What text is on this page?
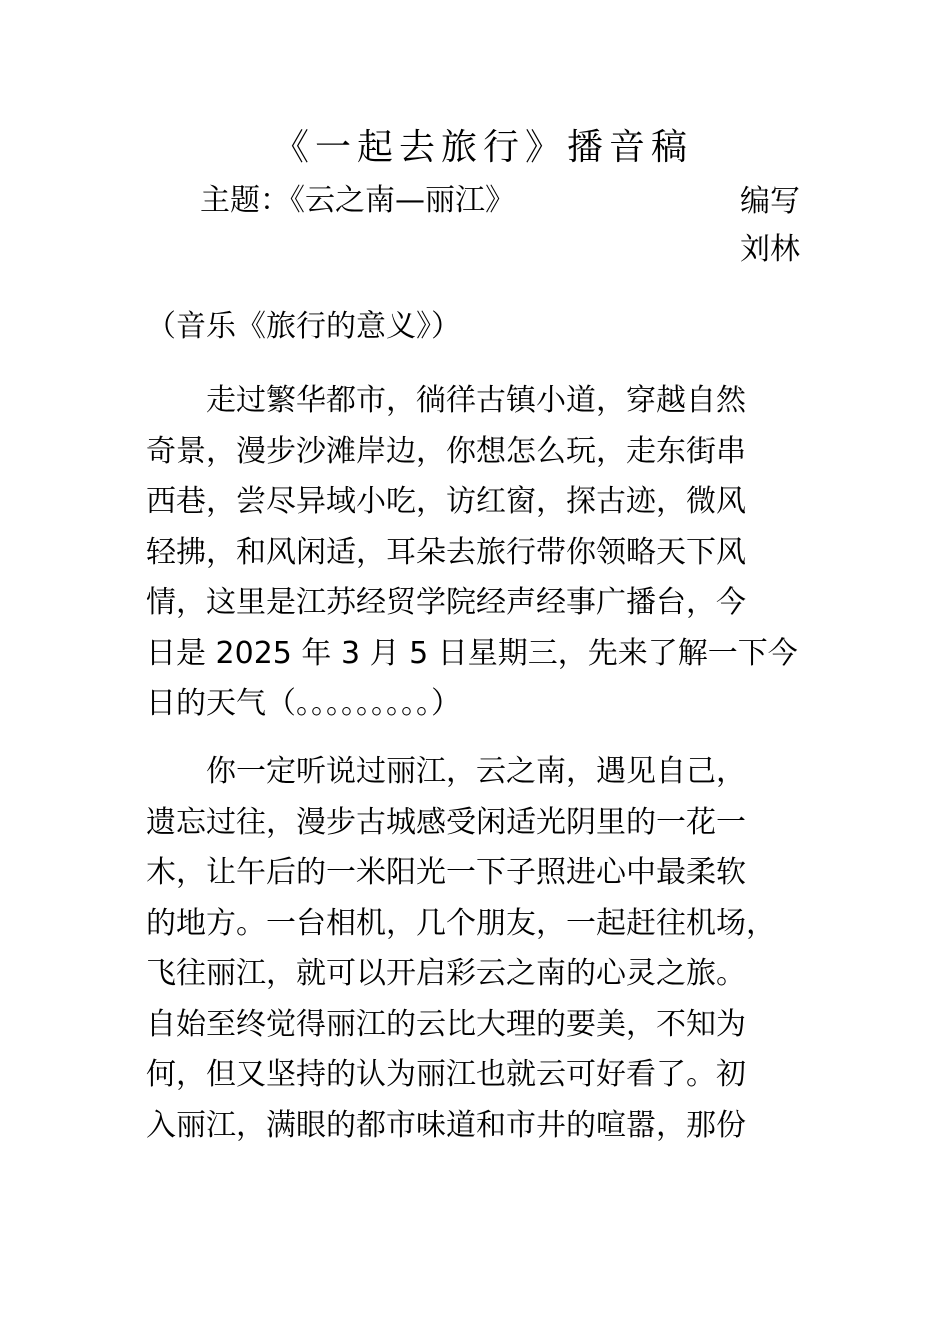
《一起去旅行》播音稿
主题：《云之南—丽江》	编写
刘林
（音乐《旅行的意义》）
走过繁华都市，徜徉古镇小道，穿越自然
奇景，漫步沙滩岸边，你想怎么玩，走东街串
西巷，尝尽异域小吃，访红窗，探古迹，微风
轻拂，和风闲适，耳朵去旅行带你领略天下风
情，这里是江苏经贸学院经声经事广播台，今
日是 2025 年 3 月 5 日星期三，先来了解一下今
日的天气（。。。。。。。。。）
你一定听说过丽江，云之南，遇见自己，
遗忘过往，漫步古城感受闲适光阴里的一花一
木，让午后的一米阳光一下子照进心中最柔软
的地方。一台相机，几个朋友，一起赶往机场，
飞往丽江，就可以开启彩云之南的心灵之旅。
自始至终觉得丽江的云比大理的要美，不知为
何，但又坚持的认为丽江也就云可好看了。初
入丽江，满眼的都市味道和市井的喧嚣，那份
